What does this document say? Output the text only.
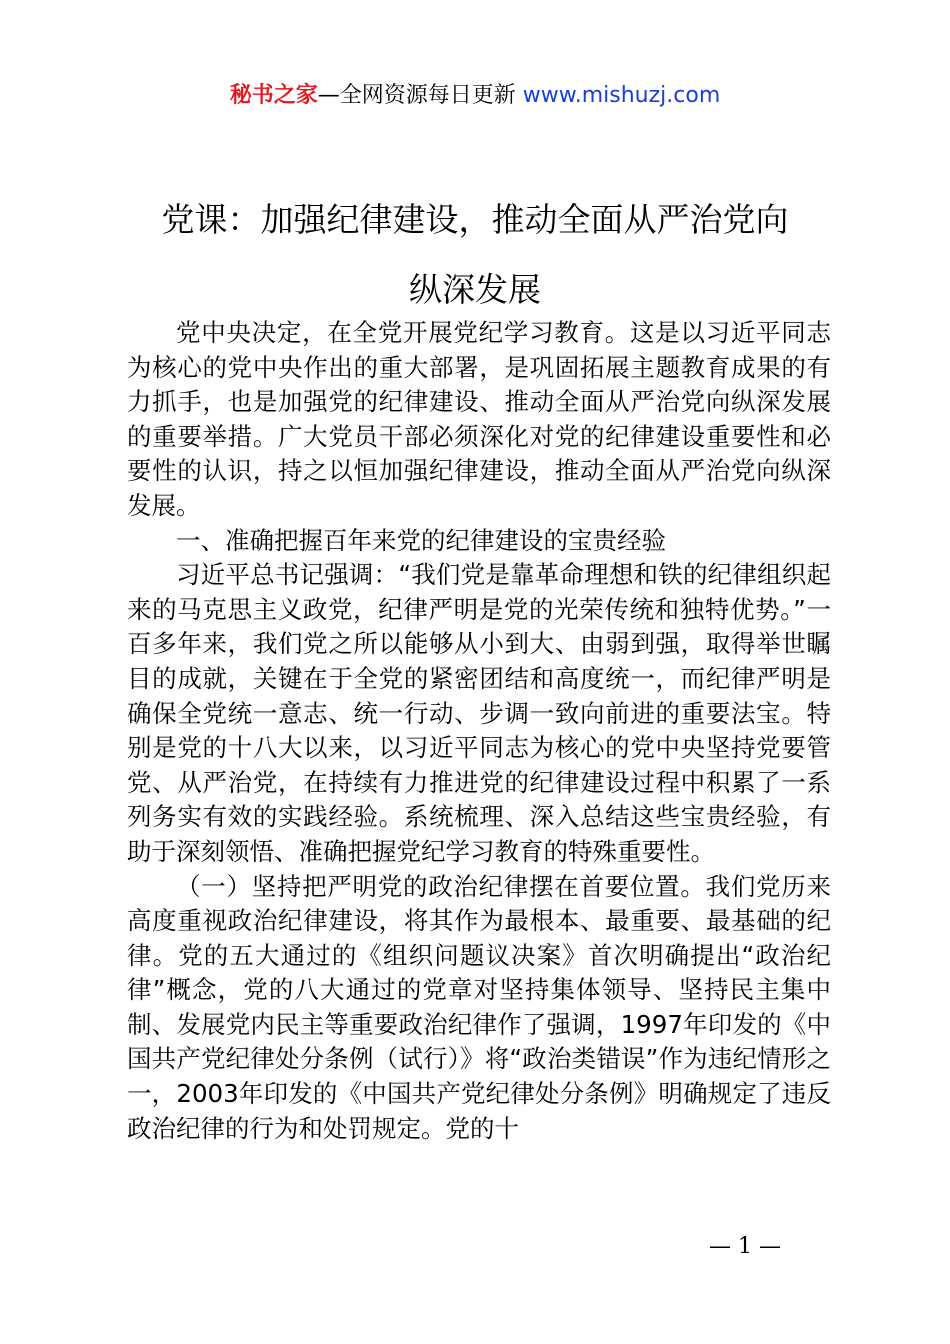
秘书之家—全网资源每日更新 www.mishuzj.com
党课：加强纪律建设，推动全面从严治党向
纵深发展

党中央决定，在全党开展党纪学习教育。这是以习近平同志为核心的党中央作出的重大部署，是巩固拓展主题教育成果的有力抓手，也是加强党的纪律建设、推动全面从严治党向纵深发展的重要举措。广大党员干部必须深化对党的纪律建设重要性和必要性的认识，持之以恒加强纪律建设，推动全面从严治党向纵深发展。

一、准确把握百年来党的纪律建设的宝贵经验

习近平总书记强调：“我们党是靠革命理想和铁的纪律组织起来的马克思主义政党，纪律严明是党的光荣传统和独特优势。”一百多年来，我们党之所以能够从小到大、由弱到强，取得举世瞩目的成就，关键在于全党的紧密团结和高度统一，而纪律严明是确保全党统一意志、统一行动、步调一致向前进的重要法宝。特别是党的十八大以来，以习近平同志为核心的党中央坚持党要管党、从严治党，在持续有力推进党的纪律建设过程中积累了一系列务实有效的实践经验。系统梳理、深入总结这些宝贵经验，有助于深刻领悟、准确把握党纪学习教育的特殊重要性。

（一）坚持把严明党的政治纪律摆在首要位置。我们党历来高度重视政治纪律建设，将其作为最根本、最重要、最基础的纪律。党的五大通过的《组织问题议决案》首次明确提出“政治纪律”概念，党的八大通过的党章对坚持集体领导、坚持民主集中制、发展党内民主等重要政治纪律作了强调，1997年印发的《中国共产党纪律处分条例（试行）》将“政治类错误”作为违纪情形之一，2003年印发的《中国共产党纪律处分条例》明确规定了违反政治纪律的行为和处罚规定。党的十

— 1 —
